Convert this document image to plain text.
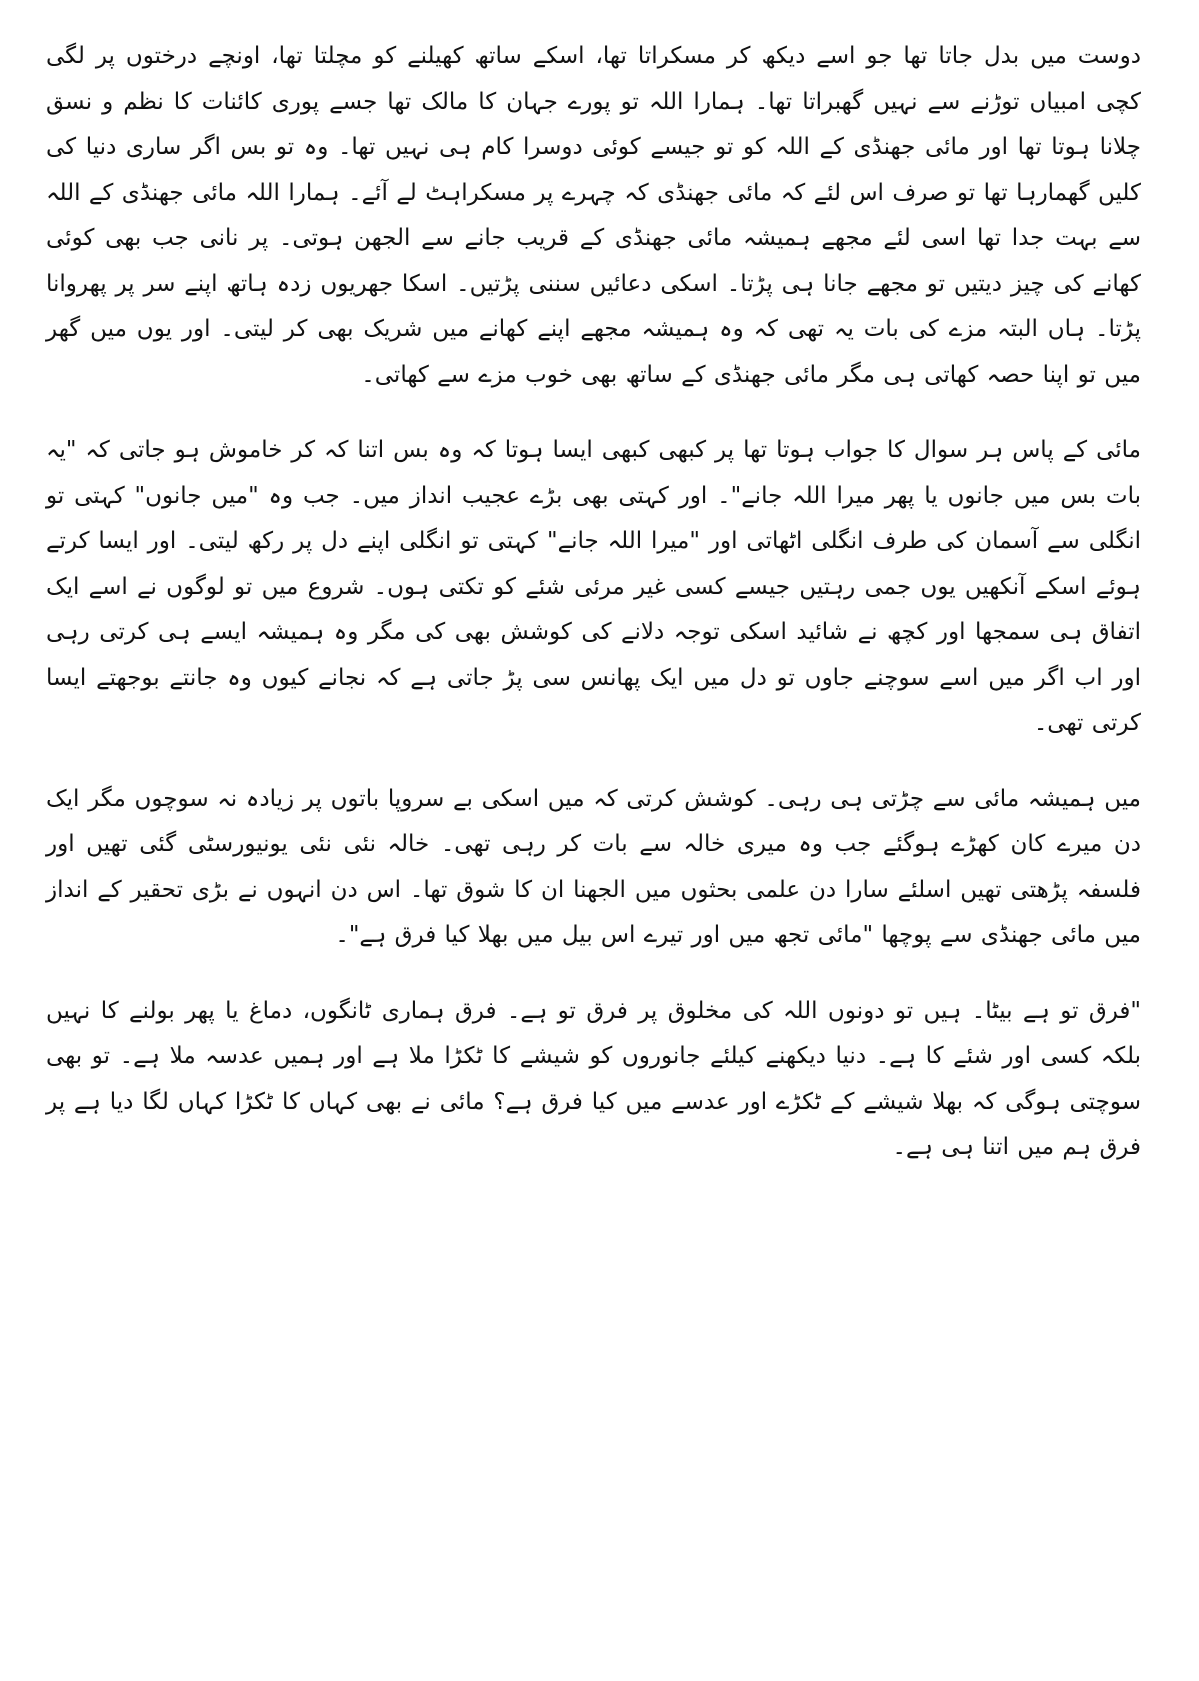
دوست میں بدل جاتا تھا جو اسے دیکھ کر مسکراتا تھا، اسکے ساتھ کھیلنے کو مچلتا تھا، اونچے درختوں پر لگی کچی امبیاں توڑنے سے نہیں گھبراتا تھا۔ ہمارا اللہ تو پورے جہان کا مالک تھا جسے پوری کائنات کا نظم و نسق چلانا ہوتا تھا اور مائی جھنڈی کے اللہ کو تو جیسے کوئی دوسرا کام ہی نہیں تھا۔ وہ تو بس اگر ساری دنیا کی کلیں گھمارہا تھا تو صرف اس لئے کہ مائی جھنڈی کہ چہرے پر مسکراہٹ لے آئے۔ ہمارا اللہ مائی جھنڈی کے اللہ سے بہت جدا تھا اسی لئے مجھے ہمیشہ مائی جھنڈی کے قریب جانے سے الجھن ہوتی۔ پر نانی جب بھی کوئی کھانے کی چیز دیتیں تو مجھے جانا ہی پڑتا۔ اسکی دعائیں سننی پڑتیں۔ اسکا جھریوں زدہ ہاتھ اپنے سر پر پھروانا پڑتا۔ ہاں البتہ مزے کی بات یہ تھی کہ وہ ہمیشہ مجھے اپنے کھانے میں شریک بھی کر لیتی۔ اور یوں میں گھر میں تو اپنا حصہ کھاتی ہی مگر مائی جھنڈی کے ساتھ بھی خوب مزے سے کھاتی۔

مائی کے پاس ہر سوال کا جواب ہوتا تھا پر کبھی کبھی ایسا ہوتا کہ وہ بس اتنا کہ کر خاموش ہو جاتی کہ "یہ بات بس میں جانوں یا پھر میرا اللہ جانے"۔ اور کہتی بھی بڑے عجیب انداز میں۔ جب وہ "میں جانوں" کہتی تو انگلی سے آسمان کی طرف انگلی اٹھاتی اور "میرا اللہ جانے" کہتی تو انگلی اپنے دل پر رکھ لیتی۔ اور ایسا کرتے ہوئے اسکے آنکھیں یوں جمی رہتیں جیسے کسی غیر مرئی شئے کو تکتی ہوں۔ شروع میں تو لوگوں نے اسے ایک اتفاق ہی سمجھا اور کچھ نے شائید اسکی توجہ دلانے کی کوشش بھی کی مگر وہ ہمیشہ ایسے ہی کرتی رہی اور اب اگر میں اسے سوچنے جاوں تو دل میں ایک پھانس سی پڑ جاتی ہے کہ نجانے کیوں وہ جانتے بوجھتے ایسا کرتی تھی۔

میں ہمیشہ مائی سے چڑتی ہی رہی۔ کوشش کرتی کہ میں اسکی بے سروپا باتوں پر زیادہ نہ سوچوں مگر ایک دن میرے کان کھڑے ہوگئے جب وہ میری خالہ سے بات کر رہی تھی۔ خالہ نئی نئی یونیورسٹی گئی تھیں اور فلسفہ پڑھتی تھیں اسلئے سارا دن علمی بحثوں میں الجھنا ان کا شوق تھا۔ اس دن انہوں نے بڑی تحقیر کے انداز میں مائی جھنڈی سے پوچھا "مائی تجھ میں اور تیرے اس بیل میں بھلا کیا فرق ہے"۔

"فرق تو ہے بیٹا۔ ہیں تو دونوں اللہ کی مخلوق پر فرق تو ہے۔ فرق ہماری ٹانگوں، دماغ یا پھر بولنے کا نہیں بلکہ کسی اور شئے کا ہے۔ دنیا دیکھنے کیلئے جانوروں کو شیشے کا ٹکڑا ملا ہے اور ہمیں عدسہ ملا ہے۔ تو بھی سوچتی ہوگی کہ بھلا شیشے کے ٹکڑے اور عدسے میں کیا فرق ہے؟ مائی نے بھی کہاں کا ٹکڑا کہاں لگا دیا ہے پر فرق ہم میں اتنا ہی ہے۔
